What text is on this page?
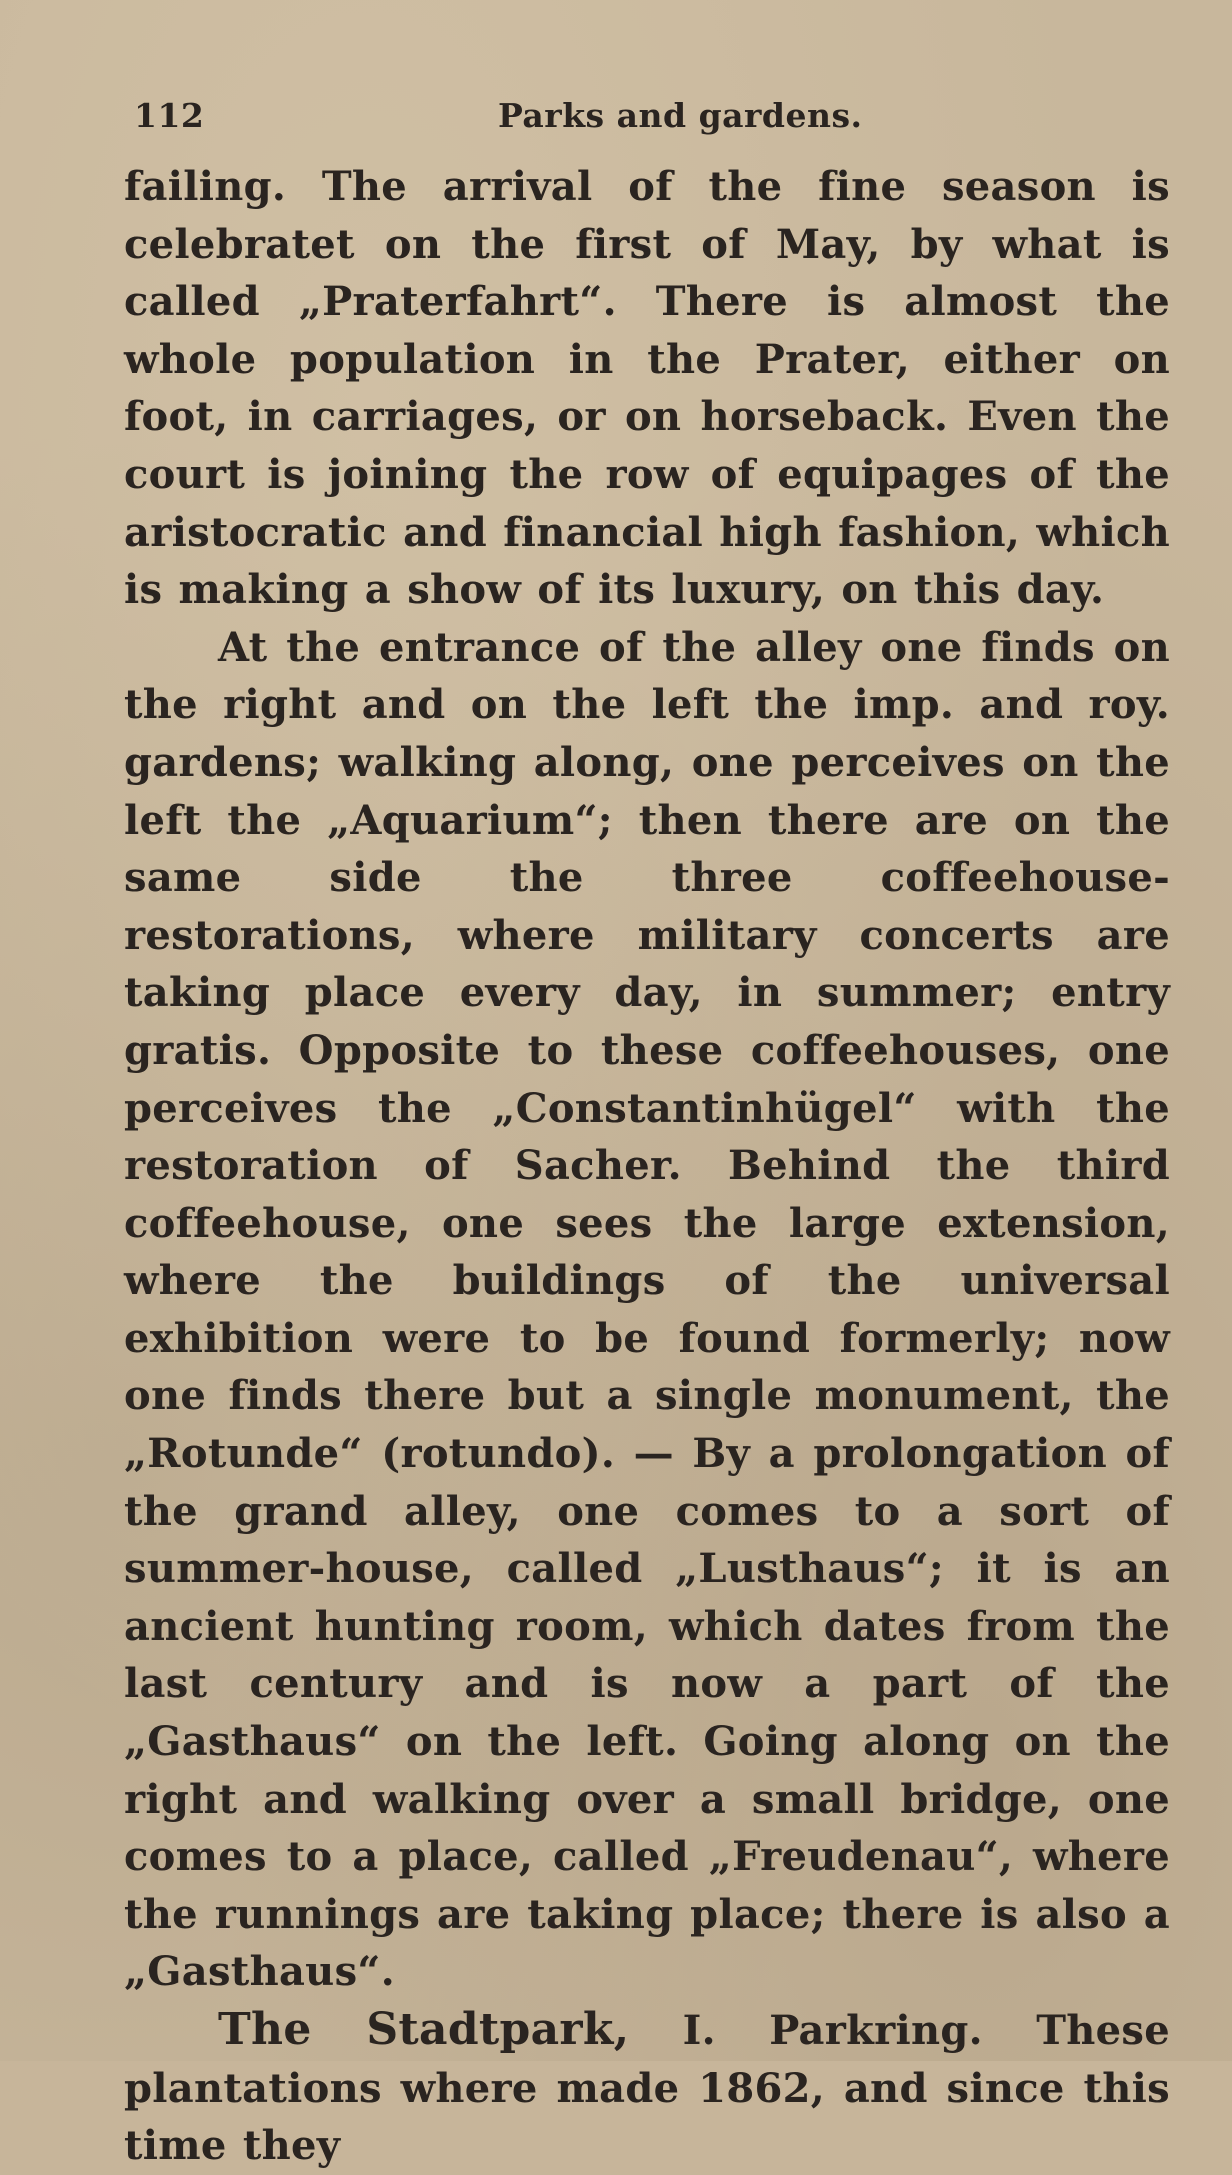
112	Parks and gardens.

failing. The arrival of the fine season is celebratet on the first of May, by what is called „Praterfahrt“. There is almost the whole population in the Prater, either on foot, in carriages, or on horseback. Even the court is joining the row of equipages of the aristocratic and financial high fashion, which is making a show of its luxury, on this day.

At the entrance of the alley one finds on the right and on the left the imp. and roy. gardens; walking along, one perceives on the left the „Aquarium“; then there are on the same side the three coffeehouse-restorations, where military concerts are taking place every day, in summer; entry gratis. Opposite to these coffeehouses, one perceives the „Constantinhügel“ with the restoration of Sacher. Behind the third coffeehouse, one sees the large extension, where the buildings of the universal exhibition were to be found formerly; now one finds there but a single monument, the „Rotunde“ (rotundo). — By a prolongation of the grand alley, one comes to a sort of summer-house, called „Lusthaus“; it is an ancient hunting room, which dates from the last century and is now a part of the „Gasthaus“ on the left. Going along on the right and walking over a small bridge, one comes to a place, called „Freudenau“, where the runnings are taking place; there is also a „Gasthaus“.

The Stadtpark, I. Parkring. These plantations where made 1862, and since this time they
